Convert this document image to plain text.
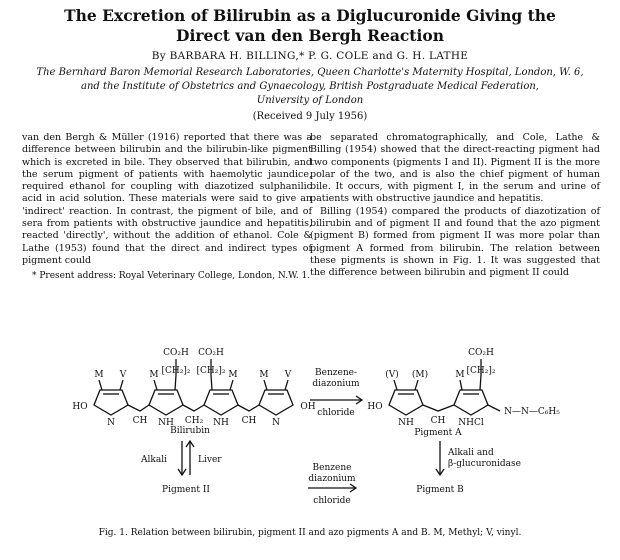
The Excretion of Bilirubin as a Diglucuronide Giving the
Direct van den Bergh Reaction
By BARBARA H. BILLING,* P. G. COLE and G. H. LATHE
The Bernhard Baron Memorial Research Laboratories, Queen Charlotte's Maternity Hospital, London, W. 6,
and the Institute of Obstetrics and Gynaecology, British Postgraduate Medical Federation,
University of London
(Received 9 July 1956)

van den Bergh & Müller (1916) reported that there was a difference between bilirubin and the bilirubin-like pigment which is excreted in bile. They observed that bilirubin, and the serum pigment of patients with haemolytic jaundice, required ethanol for coupling with diazotized sulphanilic acid in acid solution. These materials were said to give an 'indirect' reaction. In contrast, the pigment of bile, and of sera from patients with obstructive jaundice and hepatitis, reacted 'directly', without the addition of ethanol. Cole & Lathe (1953) found that the direct and indirect types of pigment could

* Present address: Royal Veterinary College, London, N.W. 1.

be separated chromatographically, and Cole, Lathe & Billing (1954) showed that the direct-reacting pigment had two components (pigments I and II). Pigment II is the more polar of the two, and is also the chief pigment of human bile. It occurs, with pigment I, in the serum and urine of patients with obstructive jaundice and hepatitis.

Billing (1954) compared the products of diazotization of bilirubin and of pigment II and found that the azo pigment (pigment B) formed from pigment II was more polar than pigment A formed from bilirubin. The relation between these pigments is shown in Fig. 1. It was suggested that the difference between bilirubin and pigment II could

CO₂H CO₂H
[CH₂]₂ [CH₂]₂
M V	M	M M V
HO	OH
N	NH	NH	N
CH	CH₂	CH
Bilirubin
Benzene-
diazonium
chloride
Benzene
diazonium
chloride
CO₂H
[CH₂]₂
(V) (M)	M
HO
NH CH NHCl
N—N—C₆H₅
Pigment A
Alkali	Liver
Pigment II
Alkali and
β-glucuronidase
Pigment B
Fig. 1. Relation between bilirubin, pigment II and azo pigments A and B. M, Methyl; V, vinyl.
